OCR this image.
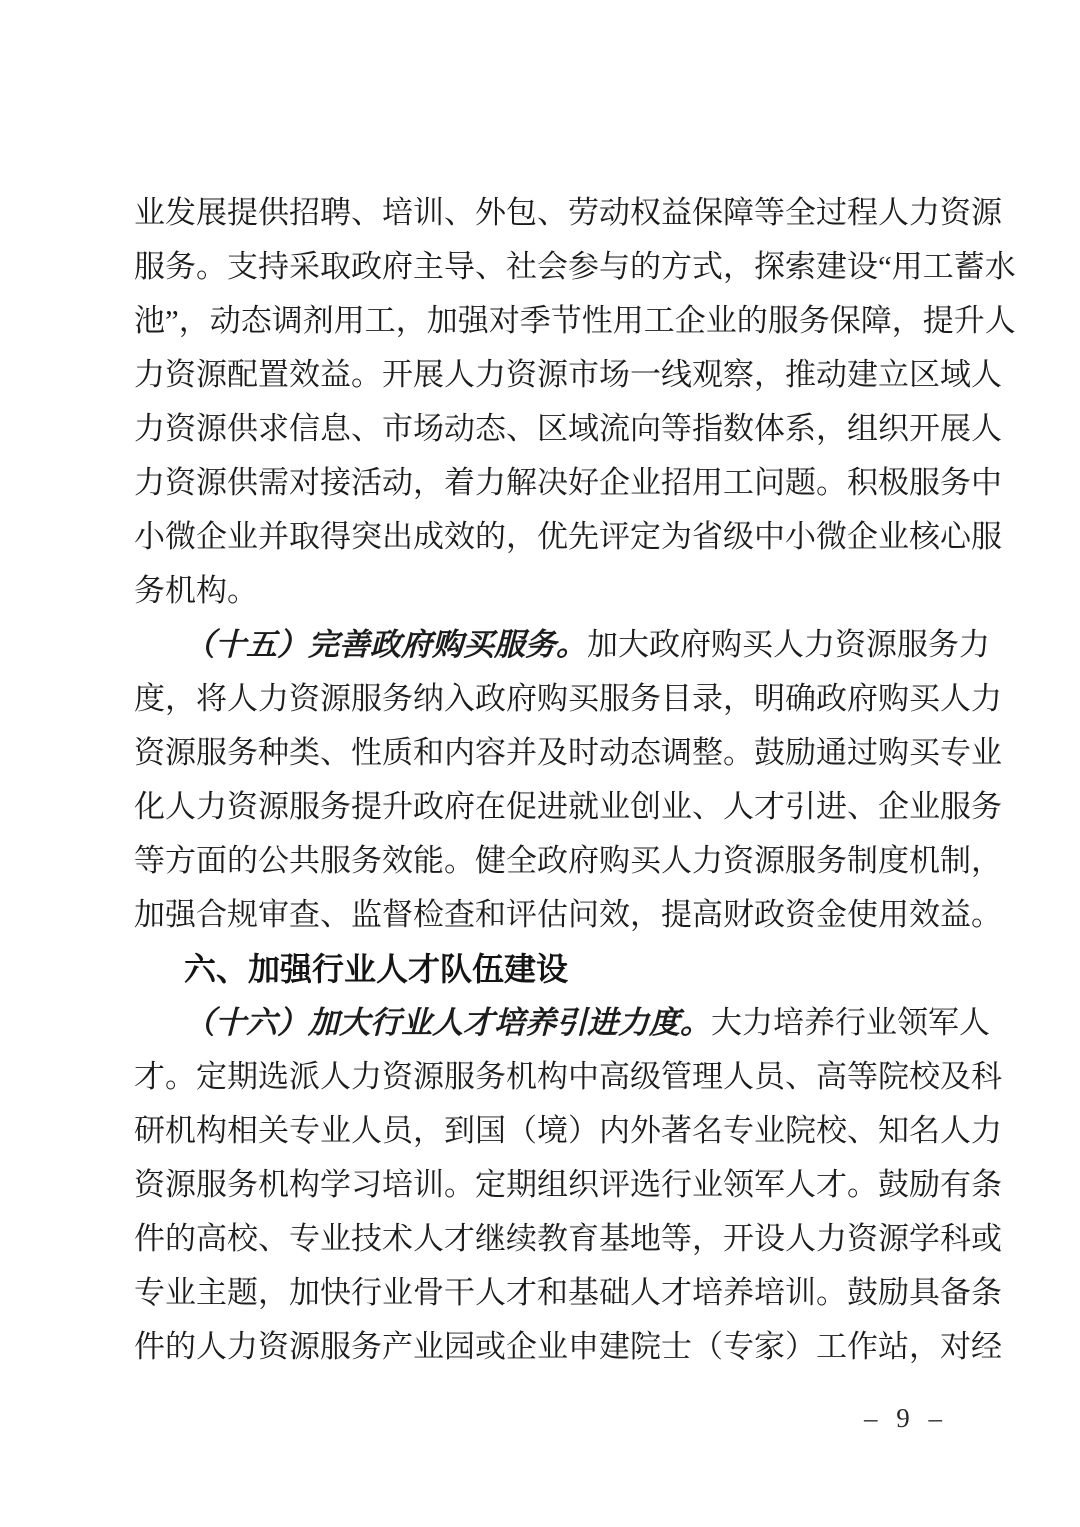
业发展提供招聘、培训、外包、劳动权益保障等全过程人力资源
服务。支持采取政府主导、社会参与的方式，探索建设“用工蓄水
池”，动态调剂用工，加强对季节性用工企业的服务保障，提升人
力资源配置效益。开展人力资源市场一线观察，推动建立区域人
力资源供求信息、市场动态、区域流向等指数体系，组织开展人
力资源供需对接活动，着力解决好企业招用工问题。积极服务中
小微企业并取得突出成效的，优先评定为省级中小微企业核心服
务机构。
（十五）完善政府购买服务。加大政府购买人力资源服务力
度，将人力资源服务纳入政府购买服务目录，明确政府购买人力
资源服务种类、性质和内容并及时动态调整。鼓励通过购买专业
化人力资源服务提升政府在促进就业创业、人才引进、企业服务
等方面的公共服务效能。健全政府购买人力资源服务制度机制，
加强合规审查、监督检查和评估问效，提高财政资金使用效益。
六、加强行业人才队伍建设
（十六）加大行业人才培养引进力度。大力培养行业领军人
才。定期选派人力资源服务机构中高级管理人员、高等院校及科
研机构相关专业人员，到国（境）内外著名专业院校、知名人力
资源服务机构学习培训。定期组织评选行业领军人才。鼓励有条
件的高校、专业技术人才继续教育基地等，开设人力资源学科或
专业主题，加快行业骨干人才和基础人才培养培训。鼓励具备条
件的人力资源服务产业园或企业申建院士（专家）工作站，对经
– 9 –
